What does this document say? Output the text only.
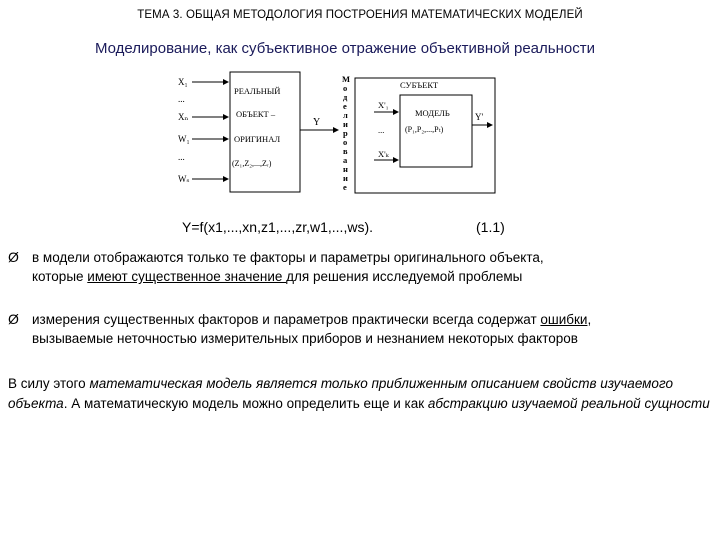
ТЕМА 3. ОБЩАЯ МЕТОДОЛОГИЯ ПОСТРОЕНИЯ МАТЕМАТИЧЕСКИХ МОДЕЛЕЙ
Моделирование, как субъективное отражение объективной реальности
X₁
...
Xₙ
W₁
...
Wₛ
РЕАЛЬНЫЙ
ОБЪЕКТ –
ОРИГИНАЛ
(Z₁,Z₂,...,Zᵣ)
Y
М
о
д
е
л
и
р
о
в
а
н
и
е
СУБЪЕКТ
X'₁
...
X'ₖ
МОДЕЛЬ
(P₁,P₂,...,Pₜ)
Y'
Y=f(x1,...,xn,z1,...,zr,w1,...,ws).	(1.1)
Ø в модели отображаются только те факторы и параметры оригинального объекта,
которые имеют существенное значение для решения исследуемой проблемы
Ø измерения существенных факторов и параметров практически всегда содержат ошибки,
вызываемые неточностью измерительных приборов и незнанием некоторых факторов
В силу этого математическая модель является только приближенным описанием свойств изучаемого объекта. А математическую модель можно определить еще и как абстракцию изучаемой реальной сущности
